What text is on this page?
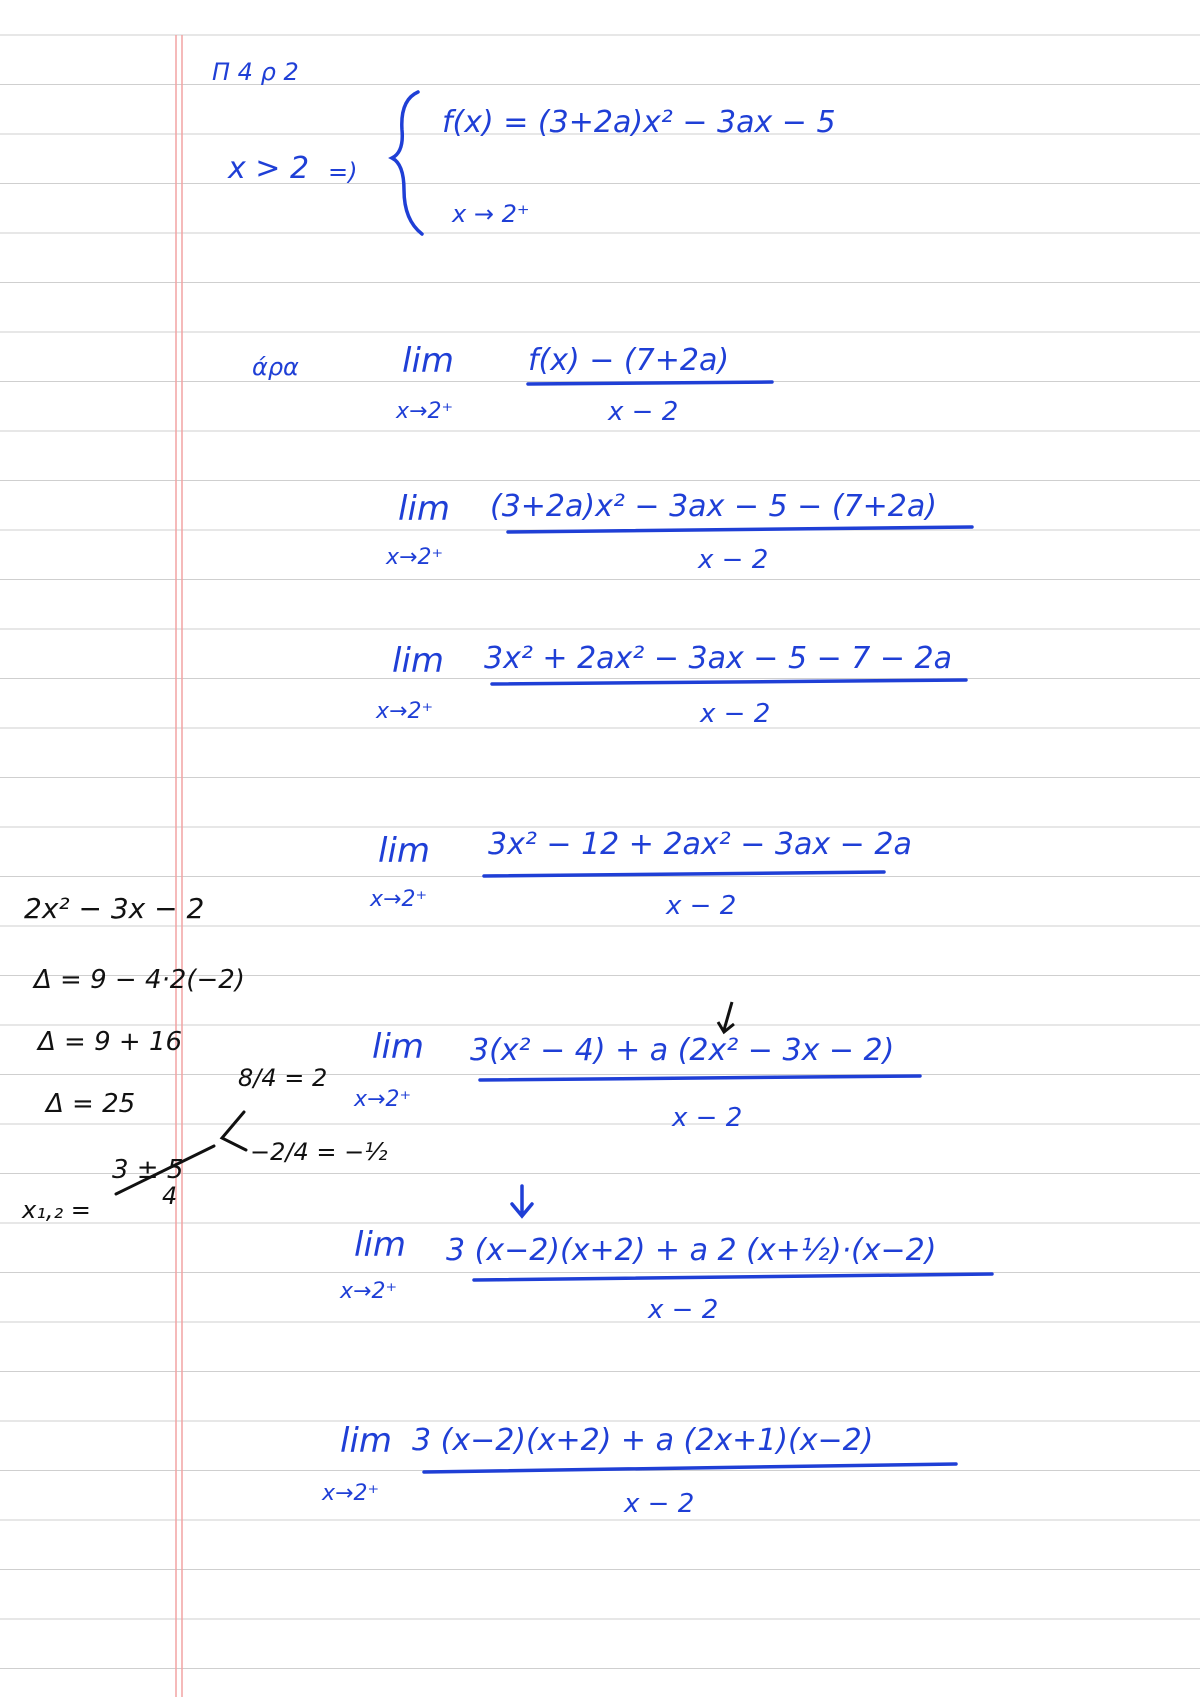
Π 4 ρ 2
x > 2 =)
f(x) = (3+2a)x² − 3ax − 5
x → 2⁺
άρα	lim
x→2⁺
f(x) − (7+2a)
x − 2
lim
x→2⁺
(3+2a)x² − 3ax − 5 − (7+2a)
x − 2
lim
x→2⁺
3x² + 2ax² − 3ax − 5 − 7 − 2a
x − 2
lim
x→2⁺
3x² − 12 + 2ax² − 3ax − 2a
x − 2
2x² − 3x − 2
Δ = 9 − 4·2(−2)
Δ = 9 + 16
Δ = 25
x₁,₂ =
3 ± 5
4
8/4 = 2
−2/4 = −½
lim
x→2⁺
3(x² − 4) + a (2x² − 3x − 2)
x − 2
lim
x→2⁺
3 (x−2)(x+2) + a 2 (x+½)·(x−2)
x − 2
lim
x→2⁺
3 (x−2)(x+2) + a (2x+1)(x−2)
x − 2
